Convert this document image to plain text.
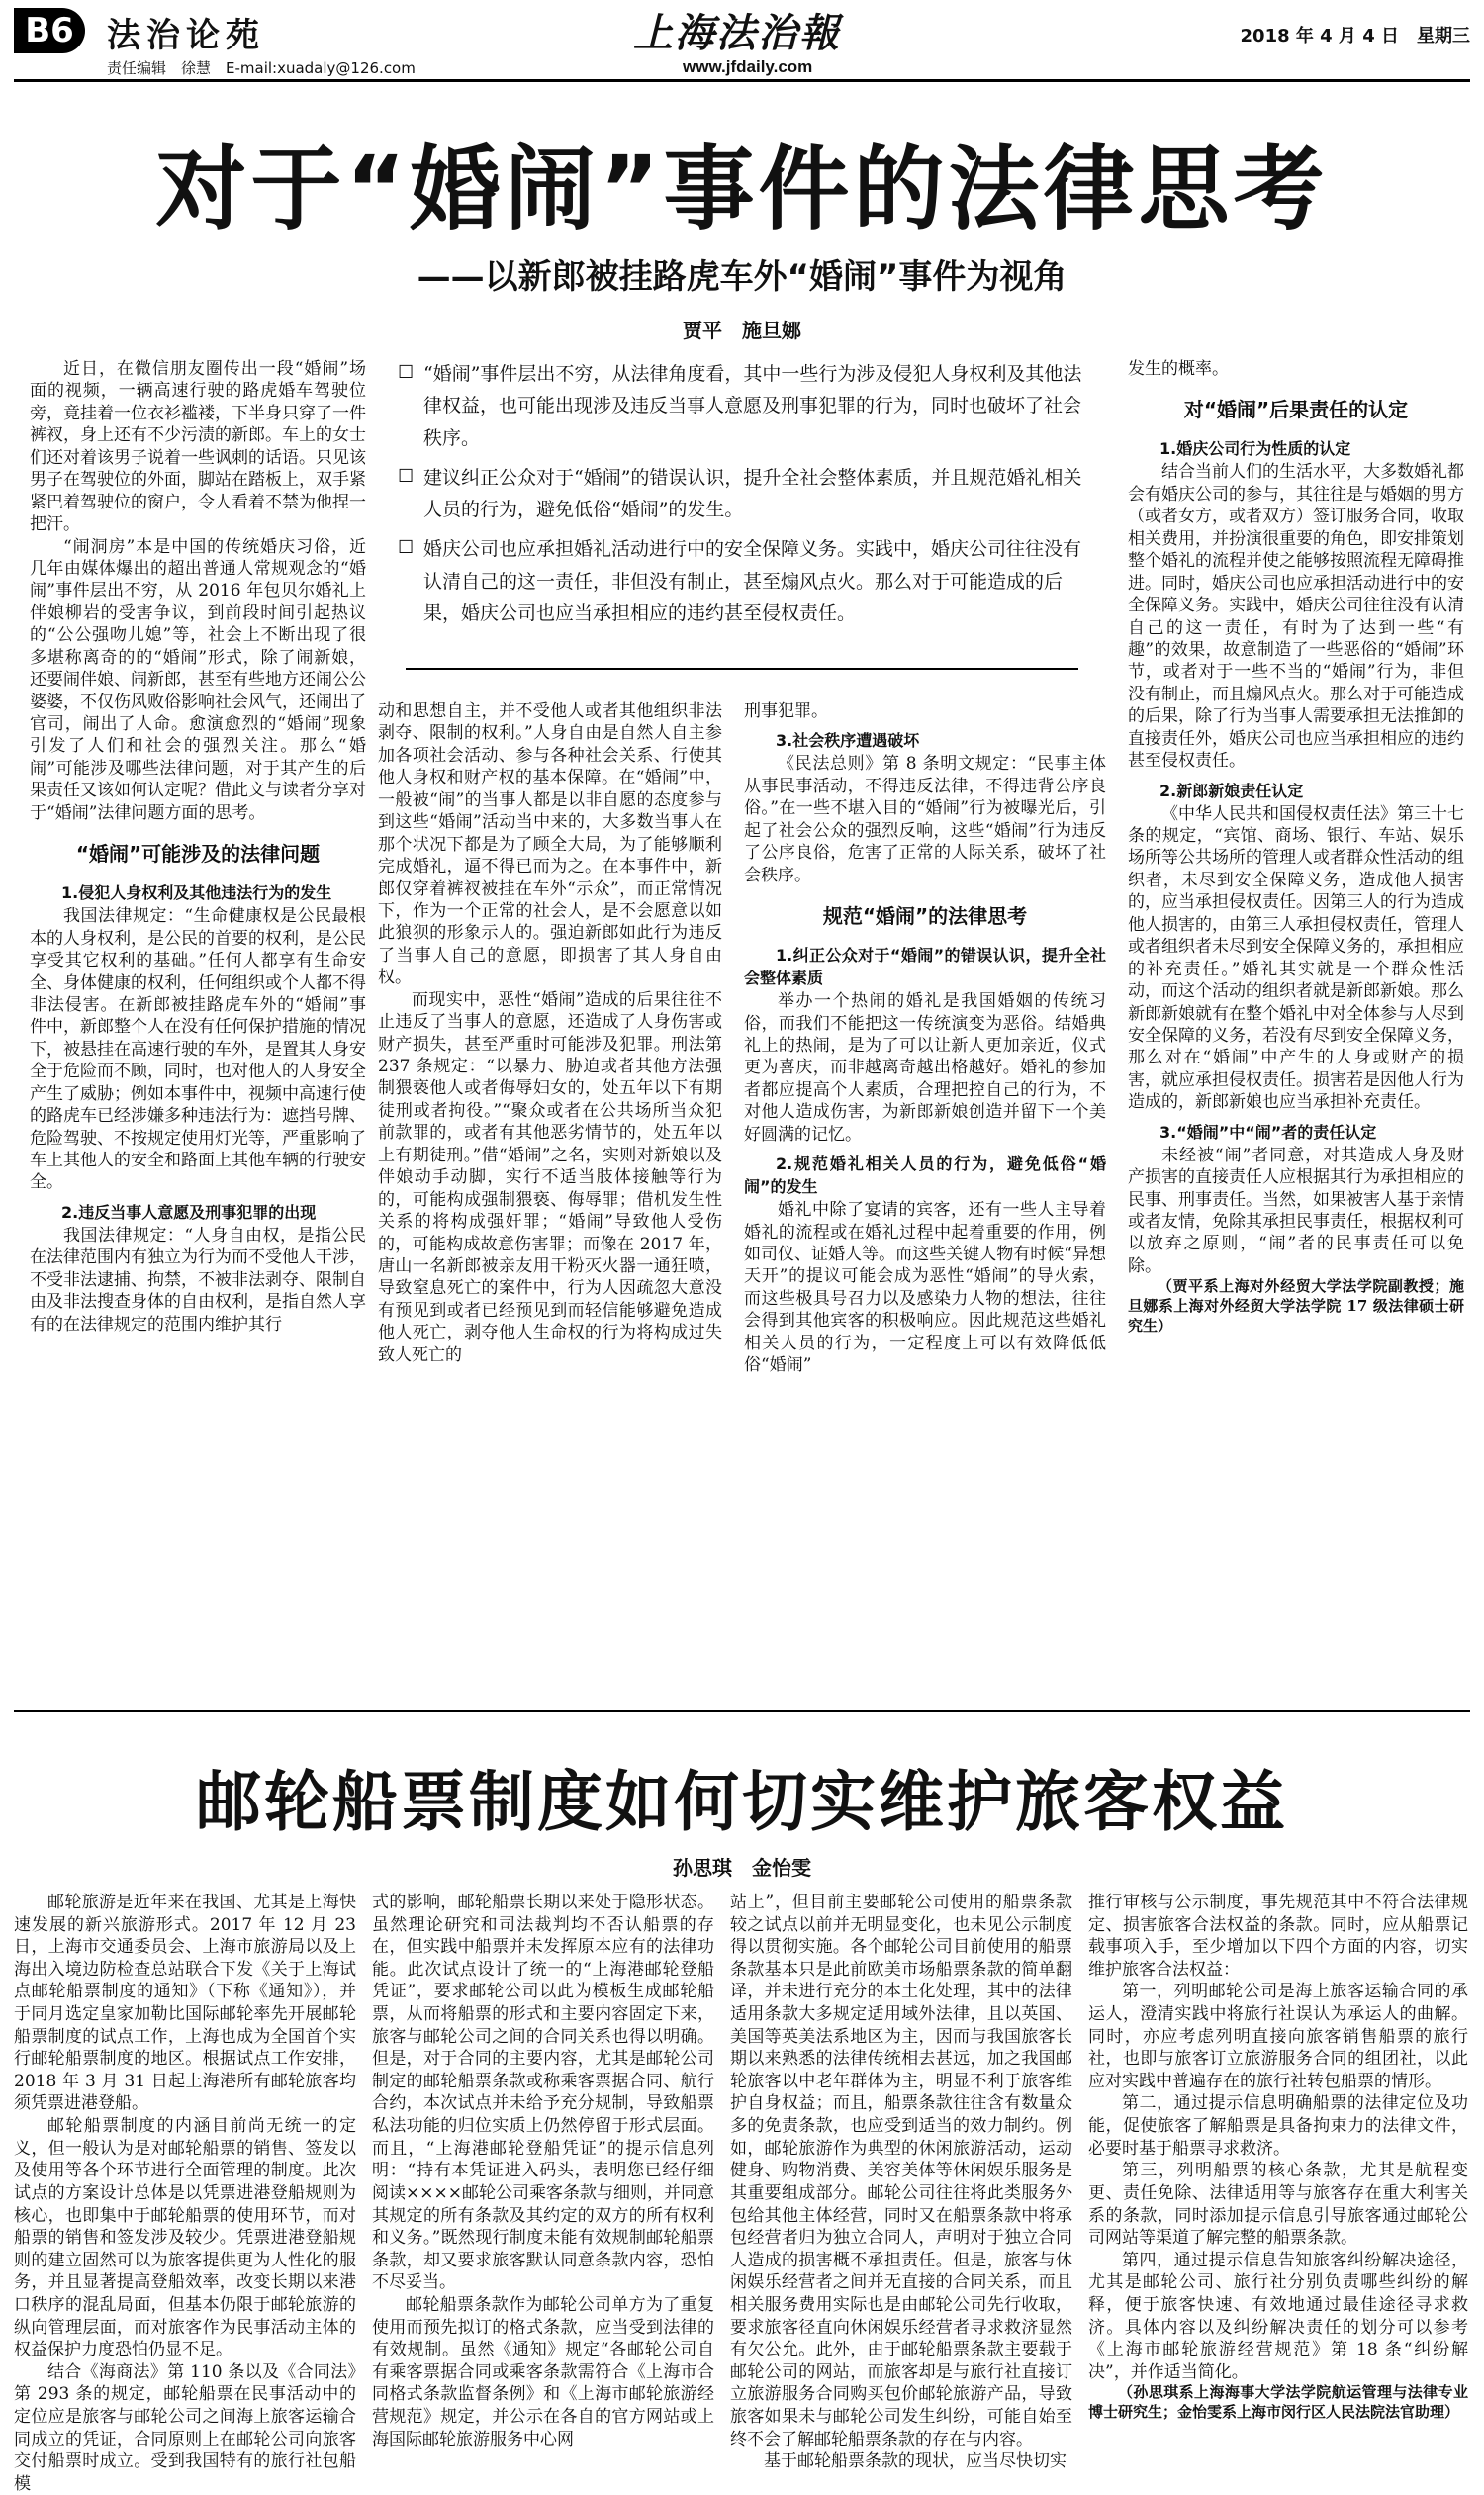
B6 法治论苑
责任编辑　徐慧　E-mail:xuadaly@126.com
上海法治報
www.jfdaily.com
2018 年 4 月 4 日　星期三
对于“婚闹”事件的法律思考
——以新郎被挂路虎车外“婚闹”事件为视角
贾平　施旦娜
☐ “婚闹”事件层出不穷，从法律角度看，其中一些行为涉及侵犯人身权利及其他法律权益，也可能出现涉及违反当事人意愿及刑事犯罪的行为，同时也破坏了社会秩序。
☐ 建议纠正公众对于“婚闹”的错误认识，提升全社会整体素质，并且规范婚礼相关人员的行为，避免低俗“婚闹”的发生。
☐ 婚庆公司也应承担婚礼活动进行中的安全保障义务。实践中，婚庆公司往往没有认清自己的这一责任，非但没有制止，甚至煽风点火。那么对于可能造成的后果，婚庆公司也应当承担相应的违约甚至侵权责任。

近日，在微信朋友圈传出一段“婚闹”场面的视频，一辆高速行驶的路虎婚车驾驶位旁，竟挂着一位衣衫褴褛，下半身只穿了一件裤衩，身上还有不少污渍的新郎。车上的女士们还对着该男子说着一些讽刺的话语。只见该男子在驾驶位的外面，脚站在踏板上，双手紧紧巴着驾驶位的窗户，令人看着不禁为他捏一把汗。

“闹洞房”本是中国的传统婚庆习俗，近几年由媒体爆出的超出普通人常规观念的“婚闹”事件层出不穷，从 2016 年包贝尔婚礼上伴娘柳岩的受害争议，到前段时间引起热议的“公公强吻儿媳”等，社会上不断出现了很多堪称离奇的的“婚闹”形式，除了闹新娘，还要闹伴娘、闹新郎，甚至有些地方还闹公公婆婆，不仅伤风败俗影响社会风气，还闹出了官司，闹出了人命。愈演愈烈的“婚闹”现象引发了人们和社会的强烈关注。那么“婚闹”可能涉及哪些法律问题，对于其产生的后果责任又该如何认定呢？借此文与读者分享对于“婚闹”法律问题方面的思考。

“婚闹”可能涉及的法律问题
1.侵犯人身权利及其他违法行为的发生

我国法律规定：“生命健康权是公民最根本的人身权利，是公民的首要的权利，是公民享受其它权利的基础。”任何人都享有生命安全、身体健康的权利，任何组织或个人都不得非法侵害。在新郎被挂路虎车外的“婚闹”事件中，新郎整个人在没有任何保护措施的情况下，被悬挂在高速行驶的车外，是置其人身安全于危险而不顾，同时，也对他人的人身安全产生了威胁；例如本事件中，视频中高速行使的路虎车已经涉嫌多种违法行为：遮挡号牌、危险驾驶、不按规定使用灯光等，严重影响了车上其他人的安全和路面上其他车辆的行驶安全。

2.违反当事人意愿及刑事犯罪的出现

我国法律规定：“人身自由权，是指公民在法律范围内有独立为行为而不受他人干涉，不受非法逮捕、拘禁，不被非法剥夺、限制自由及非法搜查身体的自由权利，是指自然人享有的在法律规定的范围内维护其行

动和思想自主，并不受他人或者其他组织非法剥夺、限制的权利。”人身自由是自然人自主参加各项社会活动、参与各种社会关系、行使其他人身权和财产权的基本保障。在“婚闹”中，一般被“闹”的当事人都是以非自愿的态度参与到这些“婚闹”活动当中来的，大多数当事人在那个状况下都是为了顾全大局，为了能够顺利完成婚礼，逼不得已而为之。在本事件中，新郎仅穿着裤衩被挂在车外“示众”，而正常情况下，作为一个正常的社会人，是不会愿意以如此狼狈的形象示人的。强迫新郎如此行为违反了当事人自己的意愿，即损害了其人身自由权。

而现实中，恶性“婚闹”造成的后果往往不止违反了当事人的意愿，还造成了人身伤害或财产损失，甚至严重时可能涉及犯罪。刑法第 237 条规定：“以暴力、胁迫或者其他方法强制猥亵他人或者侮辱妇女的，处五年以下有期徒刑或者拘役。”“聚众或者在公共场所当众犯前款罪的，或者有其他恶劣情节的，处五年以上有期徒刑。”借“婚闹”之名，实则对新娘以及伴娘动手动脚，实行不适当肢体接触等行为的，可能构成强制猥亵、侮辱罪；借机发生性关系的将构成强奸罪；“婚闹”导致他人受伤的，可能构成故意伤害罪；而像在 2017 年，唐山一名新郎被亲友用干粉灭火器一通狂喷，导致窒息死亡的案件中，行为人因疏忽大意没有预见到或者已经预见到而轻信能够避免造成他人死亡，剥夺他人生命权的行为将构成过失致人死亡的

刑事犯罪。

3.社会秩序遭遇破坏

《民法总则》第 8 条明文规定：“民事主体从事民事活动，不得违反法律，不得违背公序良俗。”在一些不堪入目的“婚闹”行为被曝光后，引起了社会公众的强烈反响，这些“婚闹”行为违反了公序良俗，危害了正常的人际关系，破坏了社会秩序。

规范“婚闹”的法律思考
1.纠正公众对于“婚闹”的错误认识，提升全社会整体素质

举办一个热闹的婚礼是我国婚姻的传统习俗，而我们不能把这一传统演变为恶俗。结婚典礼上的热闹，是为了可以让新人更加亲近，仪式更为喜庆，而非越离奇越出格越好。婚礼的参加者都应提高个人素质，合理把控自己的行为，不对他人造成伤害，为新郎新娘创造并留下一个美好圆满的记忆。

2.规范婚礼相关人员的行为，避免低俗“婚闹”的发生

婚礼中除了宴请的宾客，还有一些人主导着婚礼的流程或在婚礼过程中起着重要的作用，例如司仪、证婚人等。而这些关键人物有时候“异想天开”的提议可能会成为恶性“婚闹”的导火索，而这些极具号召力以及感染力人物的想法，往往会得到其他宾客的积极响应。因此规范这些婚礼相关人员的行为，一定程度上可以有效降低低俗“婚闹”

发生的概率。

对“婚闹”后果责任的认定
1.婚庆公司行为性质的认定

结合当前人们的生活水平，大多数婚礼都会有婚庆公司的参与，其往往是与婚姻的男方（或者女方，或者双方）签订服务合同，收取相关费用，并扮演很重要的角色，即安排策划整个婚礼的流程并使之能够按照流程无障碍推进。同时，婚庆公司也应承担活动进行中的安全保障义务。实践中，婚庆公司往往没有认清自己的这一责任，有时为了达到一些“有趣”的效果，故意制造了一些恶俗的“婚闹”环节，或者对于一些不当的“婚闹”行为，非但没有制止，而且煽风点火。那么对于可能造成的后果，除了行为当事人需要承担无法推卸的直接责任外，婚庆公司也应当承担相应的违约甚至侵权责任。

2.新郎新娘责任认定

《中华人民共和国侵权责任法》第三十七条的规定，“宾馆、商场、银行、车站、娱乐场所等公共场所的管理人或者群众性活动的组织者，未尽到安全保障义务，造成他人损害的，应当承担侵权责任。因第三人的行为造成他人损害的，由第三人承担侵权责任，管理人或者组织者未尽到安全保障义务的，承担相应的补充责任。”婚礼其实就是一个群众性活动，而这个活动的组织者就是新郎新娘。那么新郎新娘就有在整个婚礼中对全体参与人尽到安全保障的义务，若没有尽到安全保障义务，那么对在“婚闹”中产生的人身或财产的损害，就应承担侵权责任。损害若是因他人行为造成的，新郎新娘也应当承担补充责任。

3.“婚闹”中“闹”者的责任认定

未经被“闹”者同意，对其造成人身及财产损害的直接责任人应根据其行为承担相应的民事、刑事责任。当然，如果被害人基于亲情或者友情，免除其承担民事责任，根据权利可以放弃之原则，“闹”者的民事责任可以免除。

（贾平系上海对外经贸大学法学院副教授；施旦娜系上海对外经贸大学法学院 17 级法律硕士研究生）

邮轮船票制度如何切实维护旅客权益
孙思琪　金怡雯

邮轮旅游是近年来在我国、尤其是上海快速发展的新兴旅游形式。2017 年 12 月 23 日，上海市交通委员会、上海市旅游局以及上海出入境边防检查总站联合下发《关于上海试点邮轮船票制度的通知》（下称《通知》），并于同月选定皇家加勒比国际邮轮率先开展邮轮船票制度的试点工作，上海也成为全国首个实行邮轮船票制度的地区。根据试点工作安排，2018 年 3 月 31 日起上海港所有邮轮旅客均须凭票进港登船。

邮轮船票制度的内涵目前尚无统一的定义，但一般认为是对邮轮船票的销售、签发以及使用等各个环节进行全面管理的制度。此次试点的方案设计总体是以凭票进港登船规则为核心，也即集中于邮轮船票的使用环节，而对船票的销售和签发涉及较少。凭票进港登船规则的建立固然可以为旅客提供更为人性化的服务，并且显著提高登船效率，改变长期以来港口秩序的混乱局面，但基本仍限于邮轮旅游的纵向管理层面，而对旅客作为民事活动主体的权益保护力度恐怕仍显不足。

结合《海商法》第 110 条以及《合同法》第 293 条的规定，邮轮船票在民事活动中的定位应是旅客与邮轮公司之间海上旅客运输合同成立的凭证，合同原则上在邮轮公司向旅客交付船票时成立。受到我国特有的旅行社包船模

式的影响，邮轮船票长期以来处于隐形状态。虽然理论研究和司法裁判均不否认船票的存在，但实践中船票并未发挥原本应有的法律功能。此次试点设计了统一的“上海港邮轮登船凭证”，要求邮轮公司以此为模板生成邮轮船票，从而将船票的形式和主要内容固定下来，旅客与邮轮公司之间的合同关系也得以明确。但是，对于合同的主要内容，尤其是邮轮公司制定的邮轮船票条款或称乘客票据合同、航行合约，本次试点并未给予充分规制，导致船票私法功能的归位实质上仍然停留于形式层面。而且，“上海港邮轮登船凭证”的提示信息列明：“持有本凭证进入码头，表明您已经仔细阅读××××邮轮公司乘客条款与细则，并同意其规定的所有条款及其约定的双方的所有权利和义务。”既然现行制度未能有效规制邮轮船票条款，却又要求旅客默认同意条款内容，恐怕不尽妥当。

邮轮船票条款作为邮轮公司单方为了重复使用而预先拟订的格式条款，应当受到法律的有效规制。虽然《通知》规定“各邮轮公司自有乘客票据合同或乘客条款需符合《上海市合同格式条款监督条例》和《上海市邮轮旅游经营规范》规定，并公示在各自的官方网站或上海国际邮轮旅游服务中心网

站上”，但目前主要邮轮公司使用的船票条款较之试点以前并无明显变化，也未见公示制度得以贯彻实施。各个邮轮公司目前使用的船票条款基本只是此前欧美市场船票条款的简单翻译，并未进行充分的本土化处理，其中的法律适用条款大多规定适用域外法律，且以英国、美国等英美法系地区为主，因而与我国旅客长期以来熟悉的法律传统相去甚远，加之我国邮轮旅客以中老年群体为主，明显不利于旅客维护自身权益；而且，船票条款往往含有数量众多的免责条款，也应受到适当的效力制约。例如，邮轮旅游作为典型的休闲旅游活动，运动健身、购物消费、美容美体等休闲娱乐服务是其重要组成部分。邮轮公司往往将此类服务外包给其他主体经营，同时又在船票条款中将承包经营者归为独立合同人，声明对于独立合同人造成的损害概不承担责任。但是，旅客与休闲娱乐经营者之间并无直接的合同关系，而且相关服务费用实际也是由邮轮公司先行收取，要求旅客径直向休闲娱乐经营者寻求救济显然有欠公允。此外，由于邮轮船票条款主要载于邮轮公司的网站，而旅客却是与旅行社直接订立旅游服务合同购买包价邮轮旅游产品，导致旅客如果未与邮轮公司发生纠纷，可能自始至终不会了解邮轮船票条款的存在与内容。

基于邮轮船票条款的现状，应当尽快切实

推行审核与公示制度，事先规范其中不符合法律规定、损害旅客合法权益的条款。同时，应从船票记载事项入手，至少增加以下四个方面的内容，切实维护旅客合法权益：

第一，列明邮轮公司是海上旅客运输合同的承运人，澄清实践中将旅行社误认为承运人的曲解。同时，亦应考虑列明直接向旅客销售船票的旅行社，也即与旅客订立旅游服务合同的组团社，以此应对实践中普遍存在的旅行社转包船票的情形。

第二，通过提示信息明确船票的法律定位及功能，促使旅客了解船票是具备拘束力的法律文件，必要时基于船票寻求救济。

第三，列明船票的核心条款，尤其是航程变更、责任免除、法律适用等与旅客存在重大利害关系的条款，同时添加提示信息引导旅客通过邮轮公司网站等渠道了解完整的船票条款。

第四，通过提示信息告知旅客纠纷解决途径，尤其是邮轮公司、旅行社分别负责哪些纠纷的解释，便于旅客快速、有效地通过最佳途径寻求救济。具体内容以及纠纷解决责任的划分可以参考《上海市邮轮旅游经营规范》第 18 条“纠纷解决”，并作适当简化。

（孙思琪系上海海事大学法学院航运管理与法律专业博士研究生；金怡雯系上海市闵行区人民法院法官助理）
